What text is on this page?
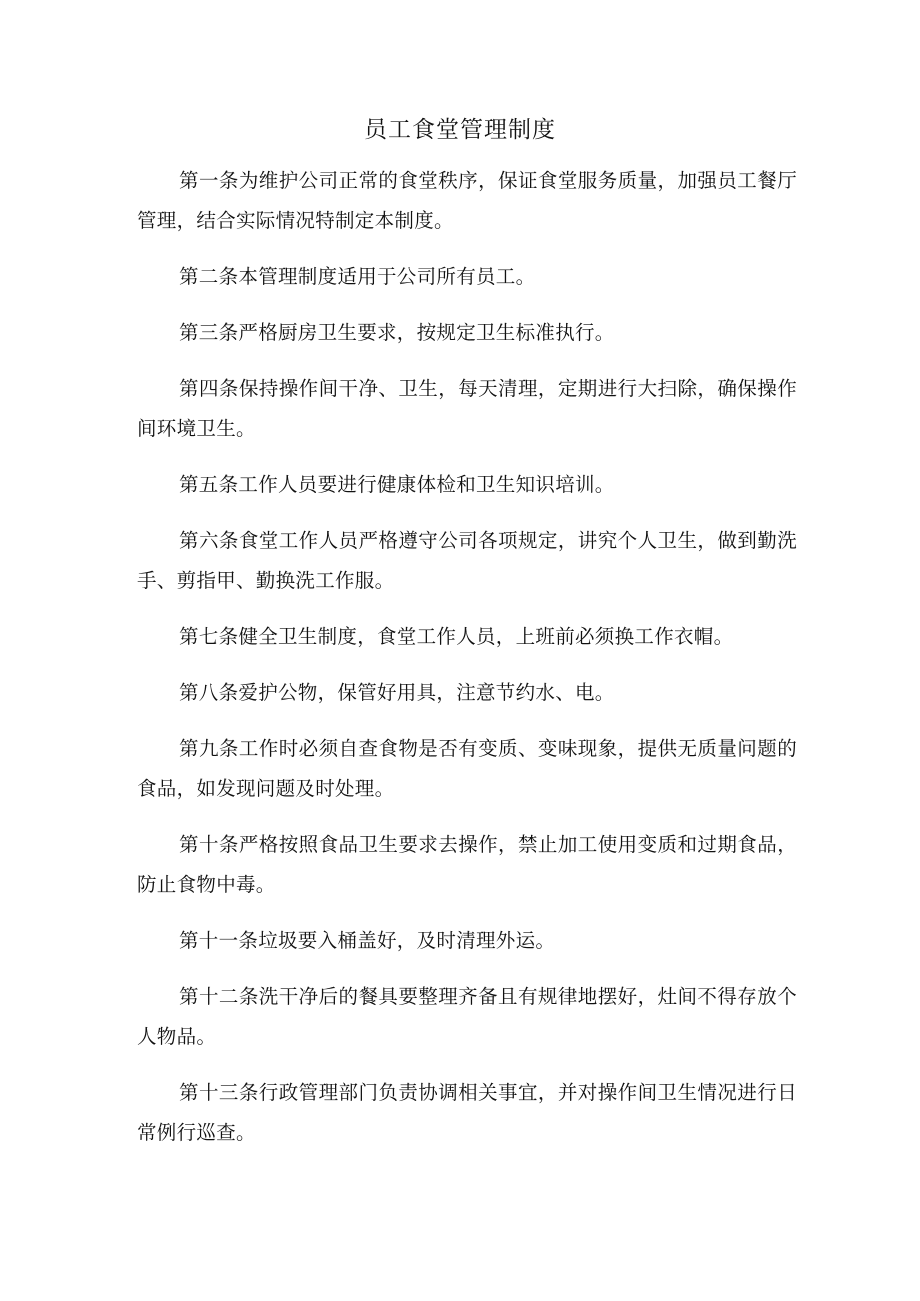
员工食堂管理制度

第一条为维护公司正常的食堂秩序，保证食堂服务质量，加强员工餐厅管理，结合实际情况特制定本制度。

第二条本管理制度适用于公司所有员工。

第三条严格厨房卫生要求，按规定卫生标准执行。

第四条保持操作间干净、卫生，每天清理，定期进行大扫除，确保操作间环境卫生。

第五条工作人员要进行健康体检和卫生知识培训。

第六条食堂工作人员严格遵守公司各项规定，讲究个人卫生，做到勤洗手、剪指甲、勤换洗工作服。

第七条健全卫生制度，食堂工作人员，上班前必须换工作衣帽。

第八条爱护公物，保管好用具，注意节约水、电。

第九条工作时必须自查食物是否有变质、变味现象，提供无质量问题的食品，如发现问题及时处理。

第十条严格按照食品卫生要求去操作，禁止加工使用变质和过期食品，防止食物中毒。

第十一条垃圾要入桶盖好，及时清理外运。

第十二条洗干净后的餐具要整理齐备且有规律地摆好，灶间不得存放个人物品。

第十三条行政管理部门负责协调相关事宜，并对操作间卫生情况进行日常例行巡查。
